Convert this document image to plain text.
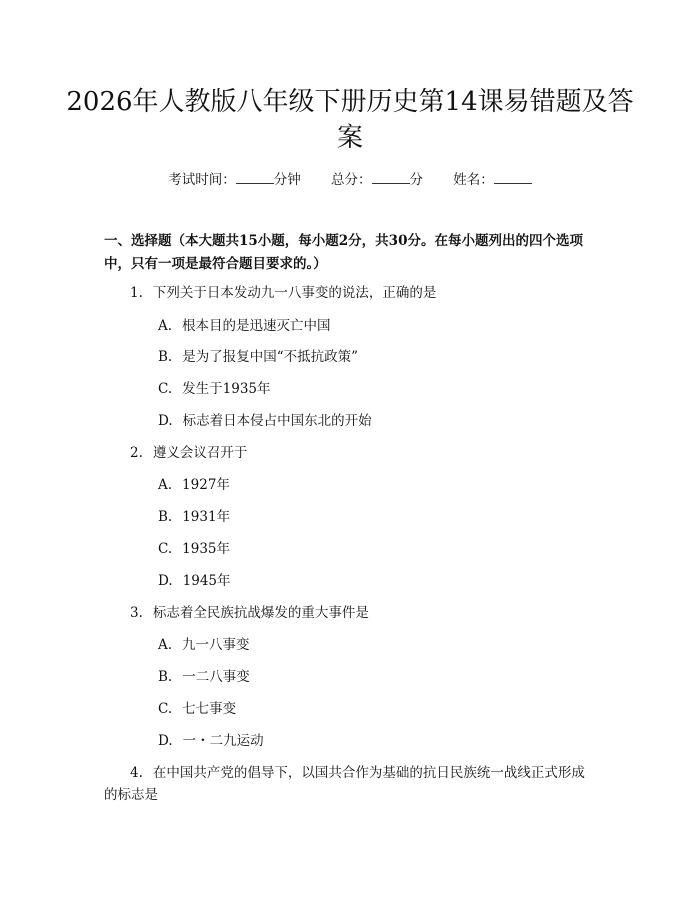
2026年人教版八年级下册历史第14课易错题及答案
考试时间：	分钟 总分：	分 姓名：
一、选择题（本大题共15小题，每小题2分，共30分。在每小题列出的四个选项中，只有一项是最符合题目要求的。）
1. 下列关于日本发动九一八事变的说法，正确的是
A. 根本目的是迅速灭亡中国
B. 是为了报复中国“不抵抗政策”
C. 发生于1935年
D. 标志着日本侵占中国东北的开始
2. 遵义会议召开于
A. 1927年
B. 1931年
C. 1935年
D. 1945年
3. 标志着全民族抗战爆发的重大事件是
A. 九一八事变
B. 一二八事变
C. 七七事变
D. 一・二九运动
4. 在中国共产党的倡导下，以国共合作为基础的抗日民族统一战线正式形成的标志是
